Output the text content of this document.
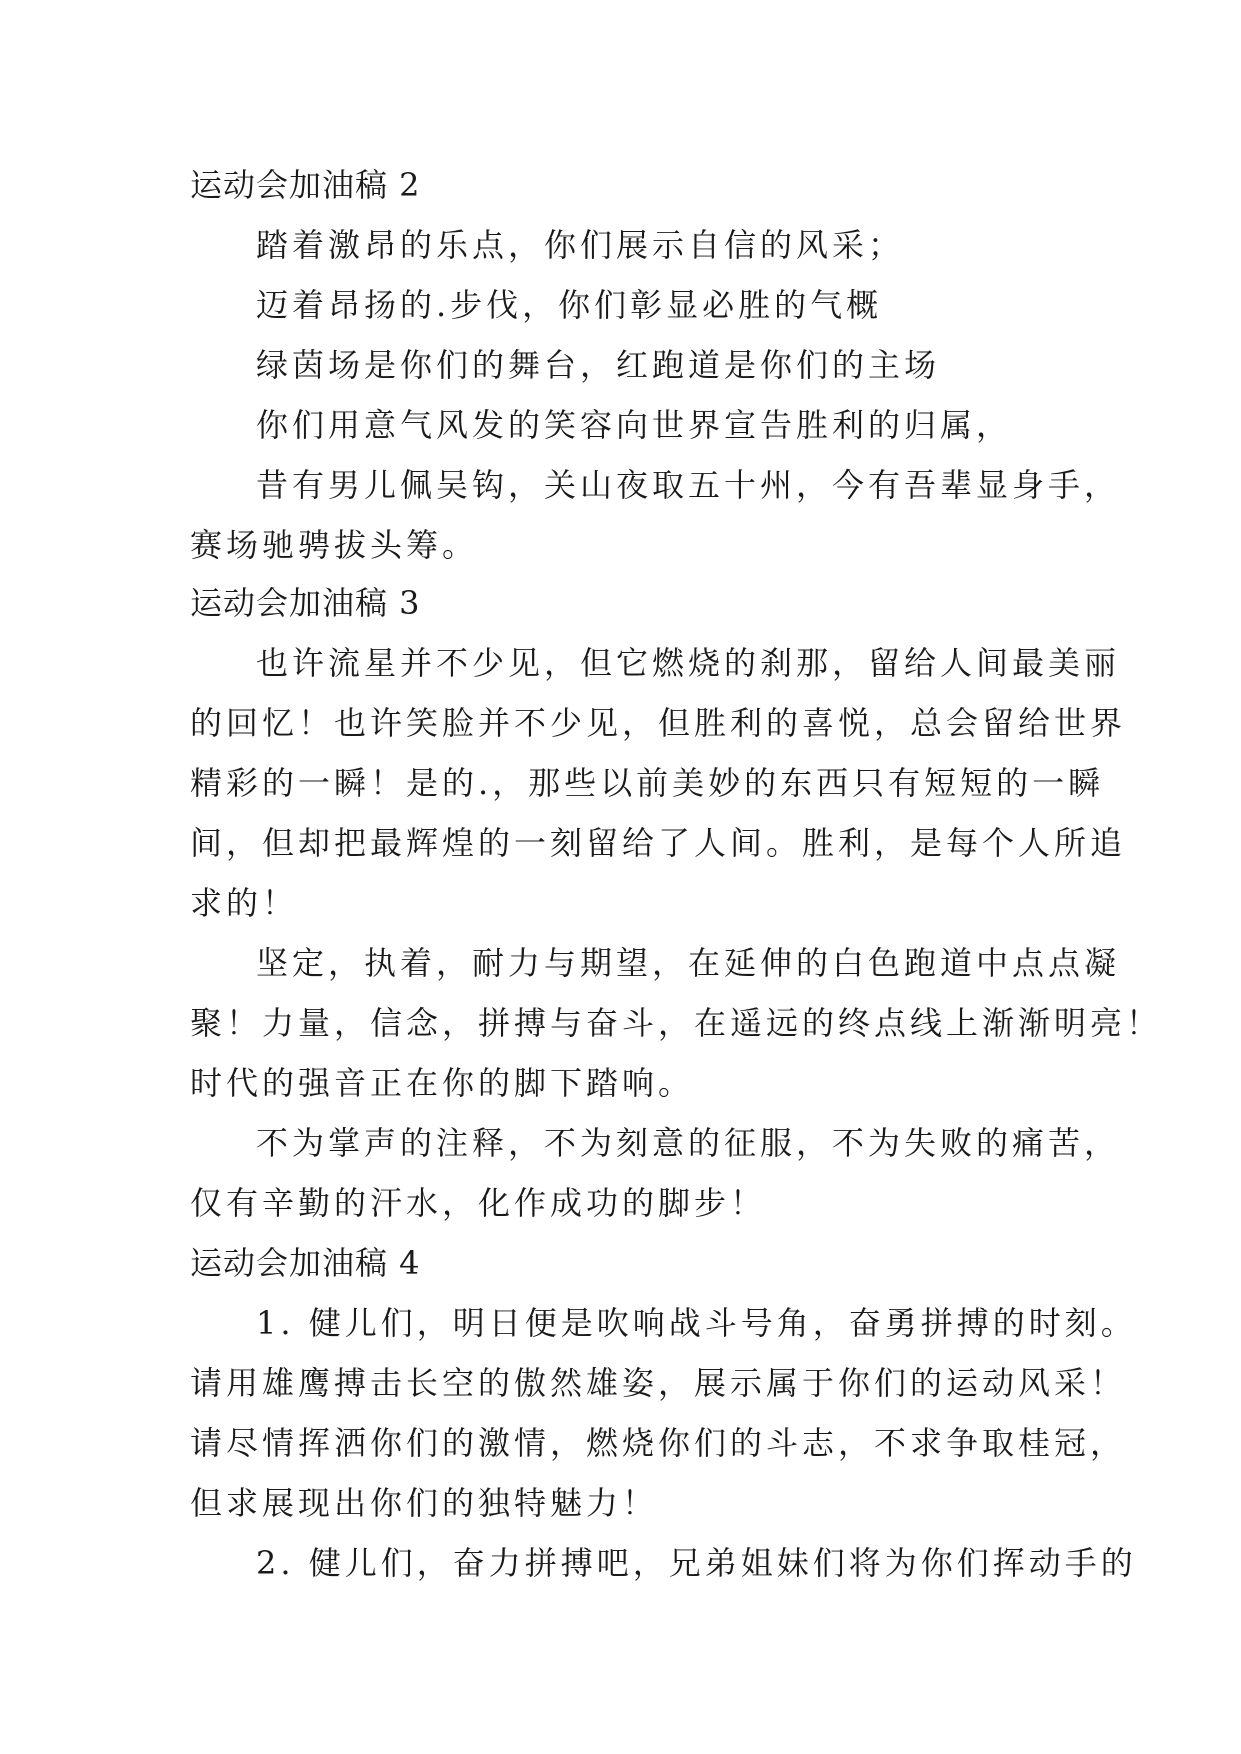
运动会加油稿 2
踏着激昂的乐点，你们展示自信的风采；
迈着昂扬的.步伐，你们彰显必胜的气概
绿茵场是你们的舞台，红跑道是你们的主场
你们用意气风发的笑容向世界宣告胜利的归属，
昔有男儿佩吴钩，关山夜取五十州，今有吾辈显身手，
赛场驰骋拔头筹。
运动会加油稿 3
也许流星并不少见，但它燃烧的刹那，留给人间最美丽
的回忆！也许笑脸并不少见，但胜利的喜悦，总会留给世界
精彩的一瞬！是的.，那些以前美妙的东西只有短短的一瞬
间，但却把最辉煌的一刻留给了人间。胜利，是每个人所追
求的！
坚定，执着，耐力与期望，在延伸的白色跑道中点点凝
聚！力量，信念，拼搏与奋斗，在遥远的终点线上渐渐明亮！
时代的强音正在你的脚下踏响。
不为掌声的注释，不为刻意的征服，不为失败的痛苦，
仅有辛勤的汗水，化作成功的脚步！
运动会加油稿 4
1. 健儿们，明日便是吹响战斗号角，奋勇拼搏的时刻。
请用雄鹰搏击长空的傲然雄姿，展示属于你们的运动风采！
请尽情挥洒你们的激情，燃烧你们的斗志，不求争取桂冠，
但求展现出你们的独特魅力！
2. 健儿们，奋力拼搏吧，兄弟姐妹们将为你们挥动手的
